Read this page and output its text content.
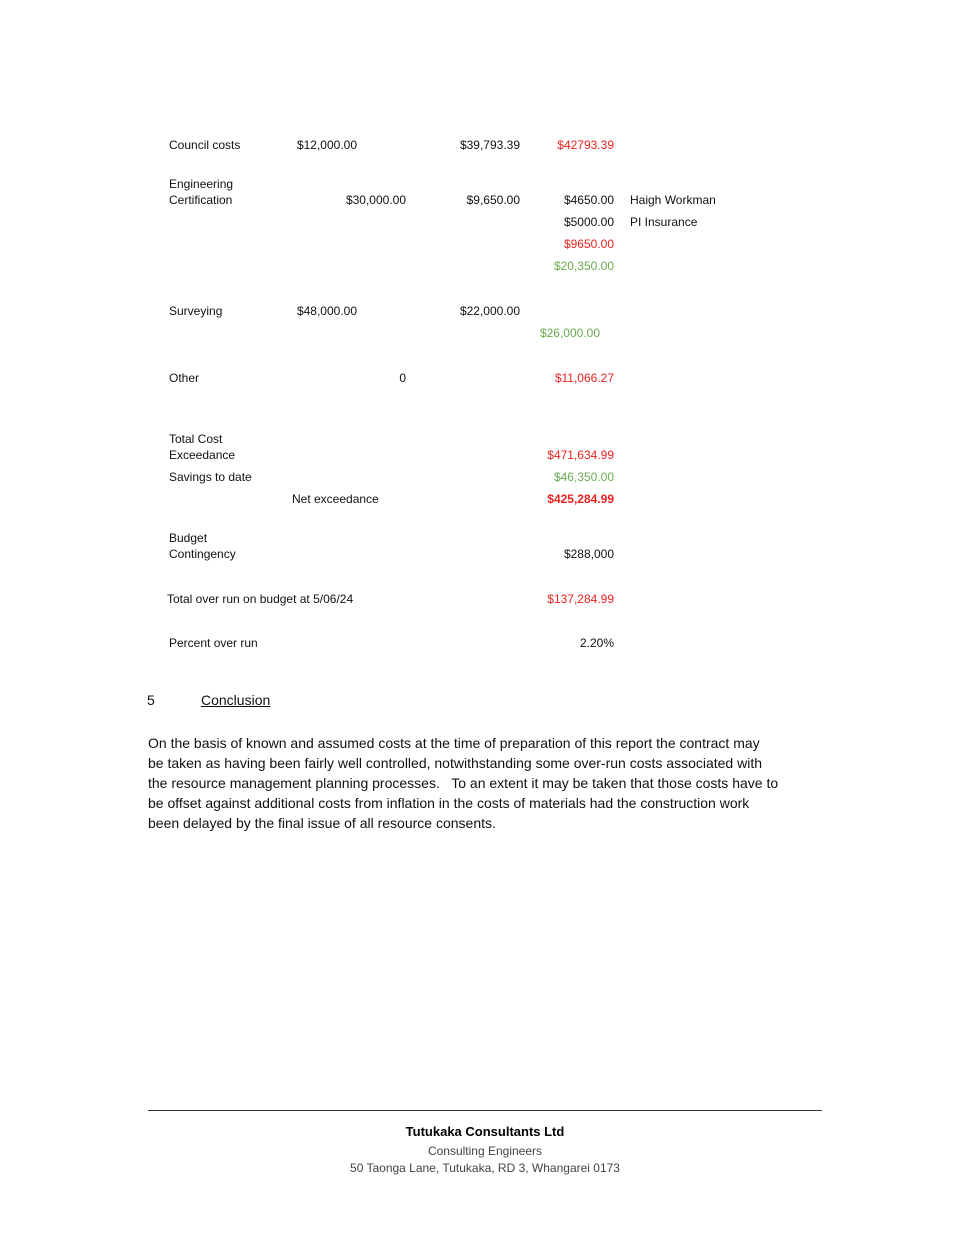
Council costs	$12,000.00	$39,793.39	$42793.39
Engineering
Certification	$30,000.00	$9,650.00	$4650.00 Haigh Workman
$5000.00 PI Insurance
$9650.00
$20,350.00
Surveying	$48,000.00	$22,000.00
$26,000.00
Other	0	$11,066.27
Total Cost
Exceedance	$471,634.99
Savings to date	$46,350.00
Net exceedance	$425,284.99
Budget
Contingency	$288,000
Total over run on budget at 5/06/24	$137,284.99
Percent over run	2.20%
5	Conclusion
On the basis of known and assumed costs at the time of preparation of this report the contract may
be taken as having been fairly well controlled, notwithstanding some over-run costs associated with
the resource management planning processes.   To an extent it may be taken that those costs have to
be offset against additional costs from inflation in the costs of materials had the construction work
been delayed by the final issue of all resource consents.
Tutukaka Consultants Ltd
Consulting Engineers
50 Taonga Lane, Tutukaka, RD 3, Whangarei 0173
